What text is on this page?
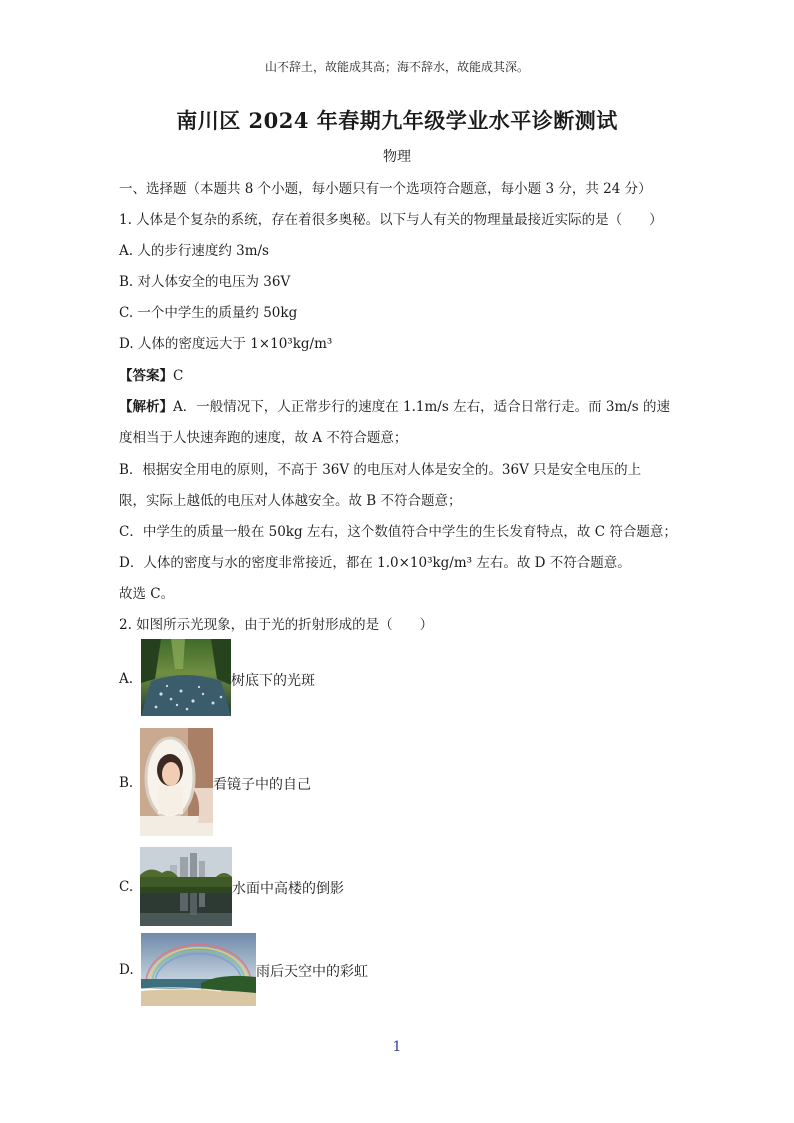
山不辞土，故能成其高；海不辞水，故能成其深。
南川区 2024 年春期九年级学业水平诊断测试
物理
一、选择题（本题共 8 个小题，每小题只有一个选项符合题意，每小题 3 分，共 24 分）
1. 人体是个复杂的系统，存在着很多奥秘。以下与人有关的物理量最接近实际的是（　　）
A. 人的步行速度约 3m/s
B. 对人体安全的电压为 36V
C. 一个中学生的质量约 50kg
D. 人体的密度远大于 1×10³kg/m³
【答案】C
【解析】A．一般情况下，人正常步行的速度在 1.1m/s 左右，适合日常行走。而 3m/s 的速
度相当于人快速奔跑的速度，故 A 不符合题意；
B．根据安全用电的原则，不高于 36V 的电压对人体是安全的。36V 只是安全电压的上
限，实际上越低的电压对人体越安全。故 B 不符合题意；
C．中学生的质量一般在 50kg 左右，这个数值符合中学生的生长发育特点，故 C 符合题意；
D．人体的密度与水的密度非常接近，都在 1.0×10³kg/m³ 左右。故 D 不符合题意。
故选 C。
2. 如图所示光现象，由于光的折射形成的是（　　）
A.	树底下的光斑
B.	看镜子中的自己
C.	水面中高楼的倒影
D.	雨后天空中的彩虹
1
